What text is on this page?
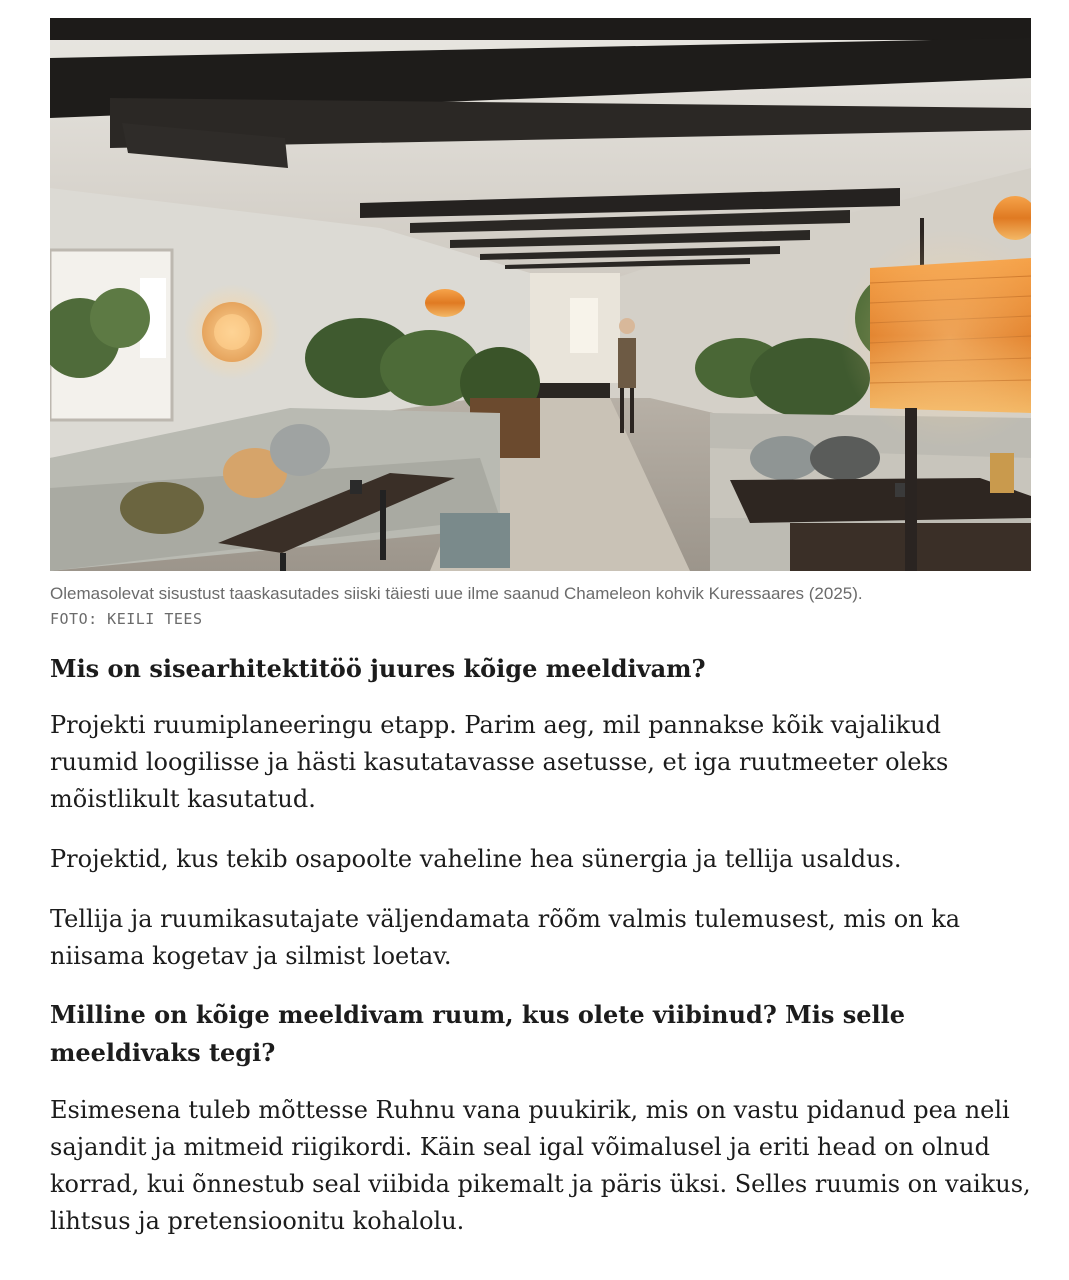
Olemasolevat sisustust taaskasutades siiski täiesti uue ilme saanud Chameleon kohvik Kuressaares (2025).
FOTO: KEILI TEES
Mis on sisearhitektitöö juures kõige meeldivam?

Projekti ruumiplaneeringu etapp. Parim aeg, mil pannakse kõik vajalikud ruumid loogilisse ja hästi kasutatavasse asetusse, et iga ruutmeeter oleks mõistlikult kasutatud.

Projektid, kus tekib osapoolte vaheline hea sünergia ja tellija usaldus.

Tellija ja ruumikasutajate väljendamata rõõm valmis tulemusest, mis on ka niisama kogetav ja silmist loetav.

Milline on kõige meeldivam ruum, kus olete viibinud? Mis selle meeldivaks tegi?

Esimesena tuleb mõttesse Ruhnu vana puukirik, mis on vastu pidanud pea neli sajandit ja mitmeid riigikordi. Käin seal igal võimalusel ja eriti head on olnud korrad, kui õnnestub seal viibida pikemalt ja päris üksi. Selles ruumis on vaikus, lihtsus ja pretensioonitu kohalolu.
